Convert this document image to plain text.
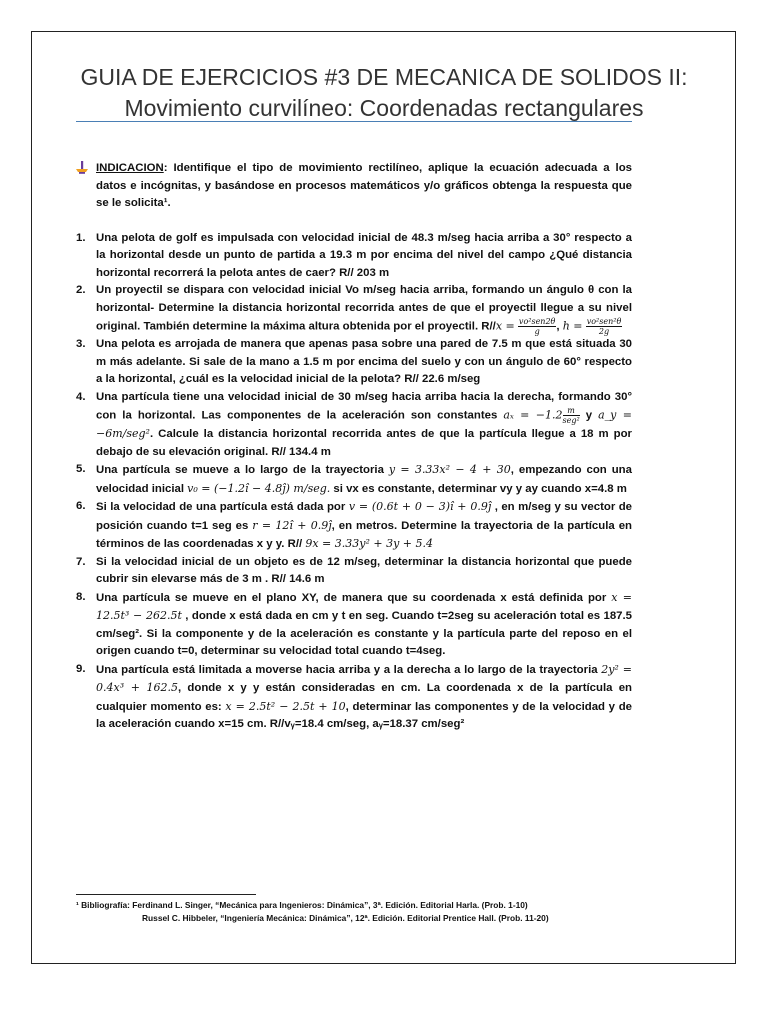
GUIA DE EJERCICIOS #3 DE MECANICA DE SOLIDOS II:
Movimiento curvilíneo: Coordenadas rectangulares
INDICACION: Identifique el tipo de movimiento rectilíneo, aplique la ecuación adecuada a los datos e incógnitas, y basándose en procesos matemáticos y/o gráficos obtenga la respuesta que se le solicita¹.
1. Una pelota de golf es impulsada con velocidad inicial de 48.3 m/seg hacia arriba a 30° respecto a la horizontal desde un punto de partida a 19.3 m por encima del nivel del campo ¿Qué distancia horizontal recorrerá la pelota antes de caer? R// 203 m
2. Un proyectil se dispara con velocidad inicial Vo m/seg hacia arriba, formando un ángulo θ con la horizontal- Determine la distancia horizontal recorrida antes de que el proyectil llegue a su nivel original. También determine la máxima altura obtenida por el proyectil. $R//x = \frac{\text{vo²sen2θ}}{g}$ , $h = \frac{\text{vo²sen²θ}}{2g}$
3. Una pelota es arrojada de manera que apenas pasa sobre una pared de 7.5 m que está situada 30 m más adelante. Si sale de la mano a 1.5 m por encima del suelo y con un ángulo de 60° respecto a la horizontal, ¿cuál es la velocidad inicial de la pelota? R// 22.6 m/seg
4. Una partícula tiene una velocidad inicial de 30 m/seg hacia arriba hacia la derecha, formando 30° con la horizontal. Las componentes de la aceleración son constantes $a_x = -1.2 \frac{m}{\text{seg²}}$ y a_y = −6m/seg². Calcule la distancia horizontal recorrida antes de que la partícula llegue a 18 m por debajo de su elevación original. R// 134.4 m
5. Una partícula se mueve a lo largo de la trayectoria y = 3.33x² − 4 + 30, empezando con una velocidad inicial v₀ = (−1.2î − 4.8ĵ) m/seg. si vx es constante, determinar vy y ay cuando x=4.8 m
6. Si la velocidad de una partícula está dada por v = (0.6t + 0 − 3)î + 0.9ĵ , en m/seg y su vector de posición cuando t=1 seg es r = 12î + 0.9ĵ, en metros. Determine la trayectoria de la partícula en términos de las coordenadas x y y. R// 9x = 3.33y² + 3y + 5.4
7. Si la velocidad inicial de un objeto es de 12 m/seg, determinar la distancia horizontal que puede cubrir sin elevarse más de 3 m . R// 14.6 m
8. Una partícula se mueve en el plano XY, de manera que su coordenada x está definida por x = 12.5t³ − 262.5t , donde x está dada en cm y t en seg. Cuando t=2seg su aceleración total es 187.5 cm/seg². Si la componente y de la aceleración es constante y la partícula parte del reposo en el origen cuando t=0, determinar su velocidad total cuando t=4seg.
9. Una partícula está limitada a moverse hacia arriba y a la derecha a lo largo de la trayectoria 2y² = 0.4x³ + 162.5, donde x y y están consideradas en cm. La coordenada x de la partícula en cualquier momento es: x = 2.5t² − 2.5t + 10, determinar las componentes y de la velocidad y de la aceleración cuando x=15 cm. R//vᵧ=18.4 cm/seg, aᵧ=18.37 cm/seg²
¹ Bibliografía: Ferdinand L. Singer, “Mecánica para Ingenieros: Dinámica”, 3ª. Edición. Editorial Harla. (Prob. 1-10)
Russel C. Hibbeler, “Ingeniería Mecánica: Dinámica”, 12ª. Edición. Editorial Prentice Hall. (Prob. 11-20)
